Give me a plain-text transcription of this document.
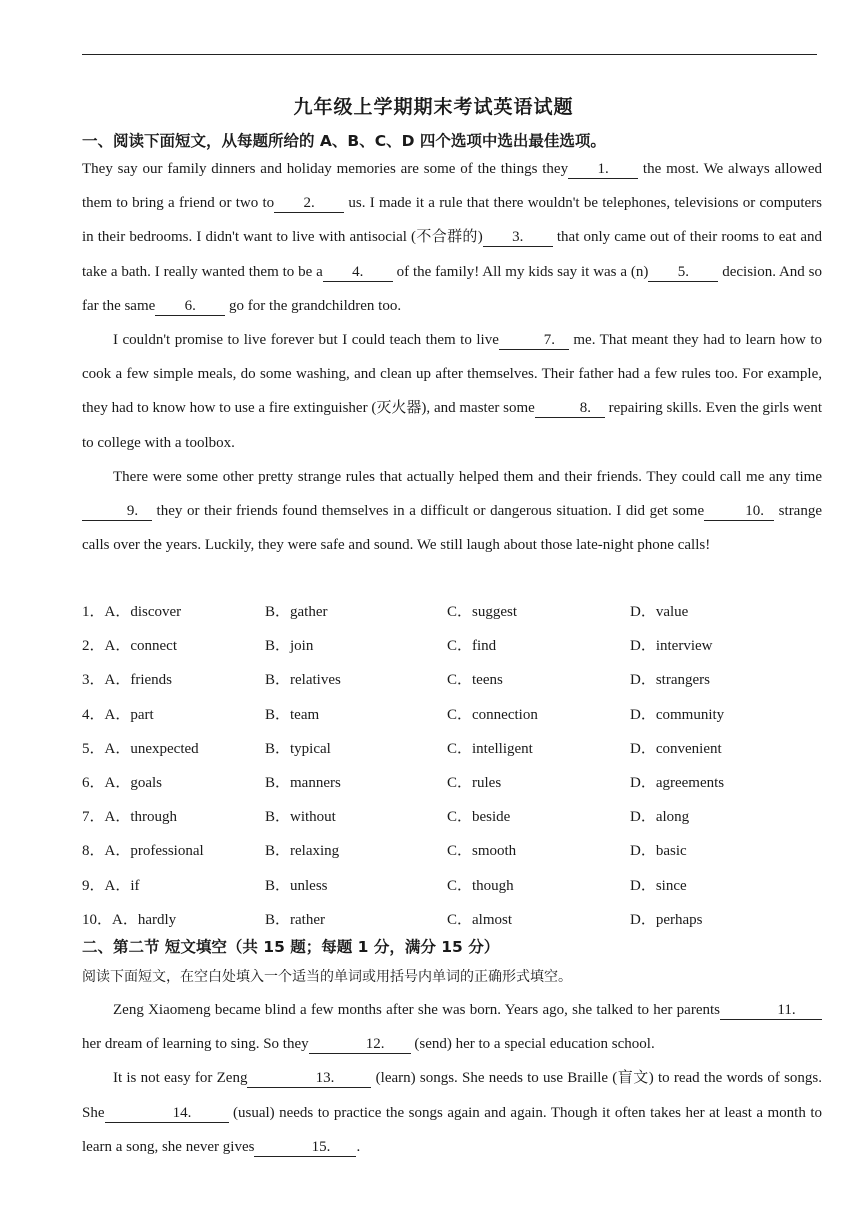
九年级上学期期末考试英语试题
一、阅读下面短文，从每题所给的 A、B、C、D 四个选项中选出最佳选项。

They say our family dinners and holiday memories are some of the things they 1. the most. We always allowed them to bring a friend or two to 2. us. I made it a rule that there wouldn't be telephones, televisions or computers in their bedrooms. I didn't want to live with antisocial (不合群的) 3. that only came out of their rooms to eat and take a bath. I really wanted them to be a 4. of the family! All my kids say it was a (n) 5. decision. And so far the same 6. go for the grandchildren too.

I couldn't promise to live forever but I could teach them to live	7. me. That meant they had to learn how to cook a few simple meals, do some washing, and clean up after themselves. Their father had a few rules too. For example, they had to know how to use a fire extinguisher (灭火器), and master some	8. repairing skills. Even the girls went to college with a toolbox.

There were some other pretty strange rules that actually helped them and their friends. They could call me any time9. they or their friends found themselves in a difficult or dangerous situation. I did get some	10. strange calls over the years. Luckily, they were safe and sound. We still laugh about those late-night phone calls!

1．A．discover	B．gather	C．suggest	D．value
2．A．connect	B．join	C．find	D．interview
3．A．friends	B．relatives	C．teens	D．strangers
4．A．part	B．team	C．connection	D．community
5．A．unexpected	B．typical	C．intelligent	D．convenient
6．A．goals	B．manners	C．rules	D．agreements
7．A．through	B．without	C．beside	D．along
8．A．professional	B．relaxing	C．smooth	D．basic
9．A．if	B．unless	C．though	D．since
10．A．hardly	B．rather	C．almost	D．perhaps
二、第二节 短文填空（共 15 题；每题 1 分，满分 15 分）
阅读下面短文，在空白处填入一个适当的单词或用括号内单词的正确形式填空。

Zeng Xiaomeng became blind a few months after she was born. Years ago, she talked to her parents	11. her dream of learning to sing. So they	12. (send) her to a special education school.

It is not easy for Zeng	13. (learn) songs. She needs to use Braille (盲文) to read the words of songs. She	14. (usual) needs to practice the songs again and again. Though it often takes her at least a month to learn a song, she never gives	15. .
